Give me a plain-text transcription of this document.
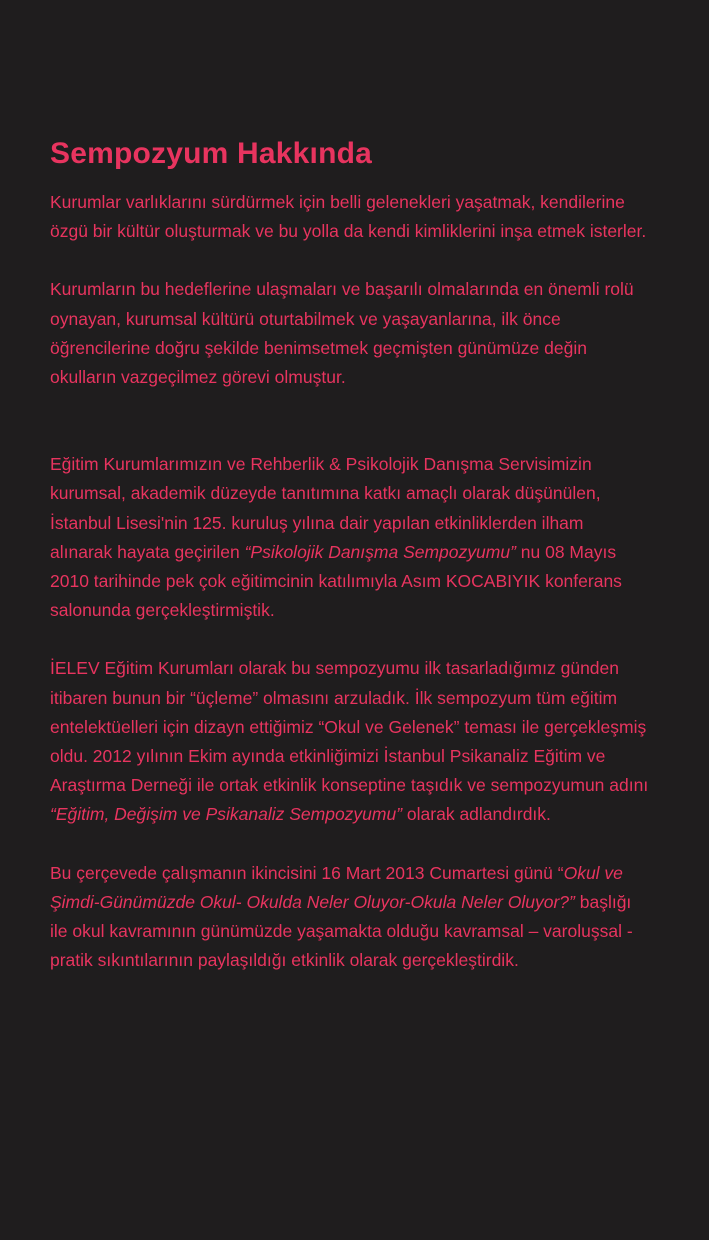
Sempozyum Hakkında

Kurumlar varlıklarını sürdürmek için belli gelenekleri yaşatmak, kendilerine özgü bir kültür oluşturmak ve bu yolla da kendi kimliklerini inşa etmek isterler.

Kurumların bu hedeflerine ulaşmaları ve başarılı olmalarında en önemli rolü oynayan, kurumsal kültürü oturtabilmek ve yaşayanlarına, ilk önce öğrencilerine doğru şekilde benimsetmek geçmişten günümüze değin okulların vazgeçilmez görevi olmuştur.

Eğitim Kurumlarımızın ve Rehberlik & Psikolojik Danışma Servisimizin kurumsal, akademik düzeyde tanıtımına katkı amaçlı olarak düşünülen, İstanbul Lisesi'nin 125. kuruluş yılına dair yapılan etkinliklerden ilham alınarak hayata geçirilen “Psikolojik Danışma Sempozyumu” nu 08 Mayıs 2010 tarihinde pek çok eğitimcinin katılımıyla Asım KOCABIYIK konferans salonunda gerçekleştirmiştik.

İELEV Eğitim Kurumları olarak bu sempozyumu ilk tasarladığımız günden itibaren bunun bir “üçleme” olmasını arzuladık. İlk sempozyum tüm eğitim entelektüelleri için dizayn ettiğimiz “Okul ve Gelenek” teması ile gerçekleşmiş oldu. 2012 yılının Ekim ayında etkinliğimizi İstanbul Psikanaliz Eğitim ve Araştırma Derneği ile ortak etkinlik konseptine taşıdık ve sempozyumun adını “Eğitim, Değişim ve Psikanaliz Sempozyumu” olarak adlandırdık.

Bu çerçevede çalışmanın ikincisini 16 Mart 2013 Cumartesi günü “Okul ve Şimdi-Günümüzde Okul- Okulda Neler Oluyor-Okula Neler Oluyor?” başlığı ile okul kavramının günümüzde yaşamakta olduğu kavramsal – varoluşsal - pratik sıkıntılarının paylaşıldığı etkinlik olarak gerçekleştirdik.
